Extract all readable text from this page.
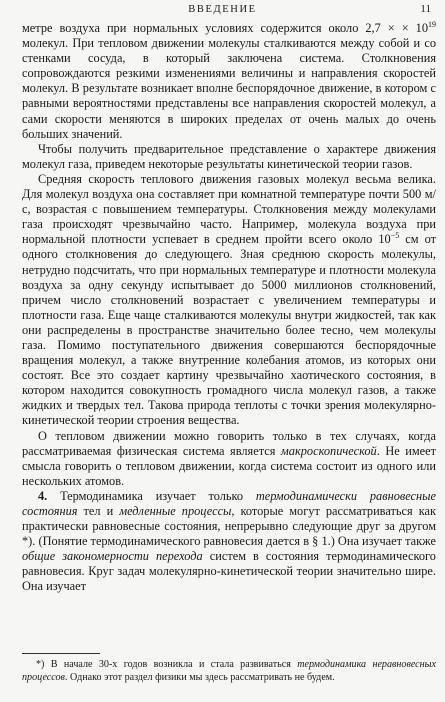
ВВЕДЕНИЕ	11

метре воздуха при нормальных условиях содержится около 2,7 × × $10^{19}$ молекул. При тепловом движении молекулы сталкиваются между собой и со стенками сосуда, в который заключена система. Столкновения сопровождаются резкими изменениями величины и направления скоростей молекул. В результате возникает вполне беспорядочное движение, в котором с равными вероятностями представлены все направления скоростей молекул, а сами скорости меняются в широких пределах от очень малых до очень больших значений.

Чтобы получить предварительное представление о характере движения молекул газа, приведем некоторые результаты кинетической теории газов.

Средняя скорость теплового движения газовых молекул весьма велика. Для молекул воздуха она составляет при комнатной температуре почти 500 м/с, возрастая с повышением температуры. Столкновения между молекулами газа происходят чрезвычайно часто. Например, молекула воздуха при нормальной плотности успевает в среднем пройти всего около $10^{-5}$ см от одного столкновения до следующего. Зная среднюю скорость молекулы, нетрудно подсчитать, что при нормальных температуре и плотности молекула воздуха за одну секунду испытывает до 5000 миллионов столкновений, причем число столкновений возрастает с увеличением температуры и плотности газа. Еще чаще сталкиваются молекулы внутри жидкостей, так как они распределены в пространстве значительно более тесно, чем молекулы газа. Помимо поступательного движения совершаются беспорядочные вращения молекул, а также внутренние колебания атомов, из которых они состоят. Все это создает картину чрезвычайно хаотического состояния, в котором находится совокупность громадного числа молекул газов, а также жидких и твердых тел. Такова природа теплоты с точки зрения молекулярно-кинетической теории строения вещества.

О тепловом движении можно говорить только в тех случаях, когда рассматриваемая физическая система является макроскопической. Не имеет смысла говорить о тепловом движении, когда система состоит из одного или нескольких атомов.

4. Термодинамика изучает только термодинамически равновесные состояния тел и медленные процессы, которые могут рассматриваться как практически равновесные состояния, непрерывно следующие друг за другом *). (Понятие термодинамического равновесия дается в § 1.) Она изучает также общие закономерности перехода систем в состояния термодинамического равновесия. Круг задач молекулярно-кинетической теории значительно шире. Она изучает

*) В начале 30-х годов возникла и стала развиваться термодинамика неравновесных процессов. Однако этот раздел физики мы здесь рассматривать не будем.
